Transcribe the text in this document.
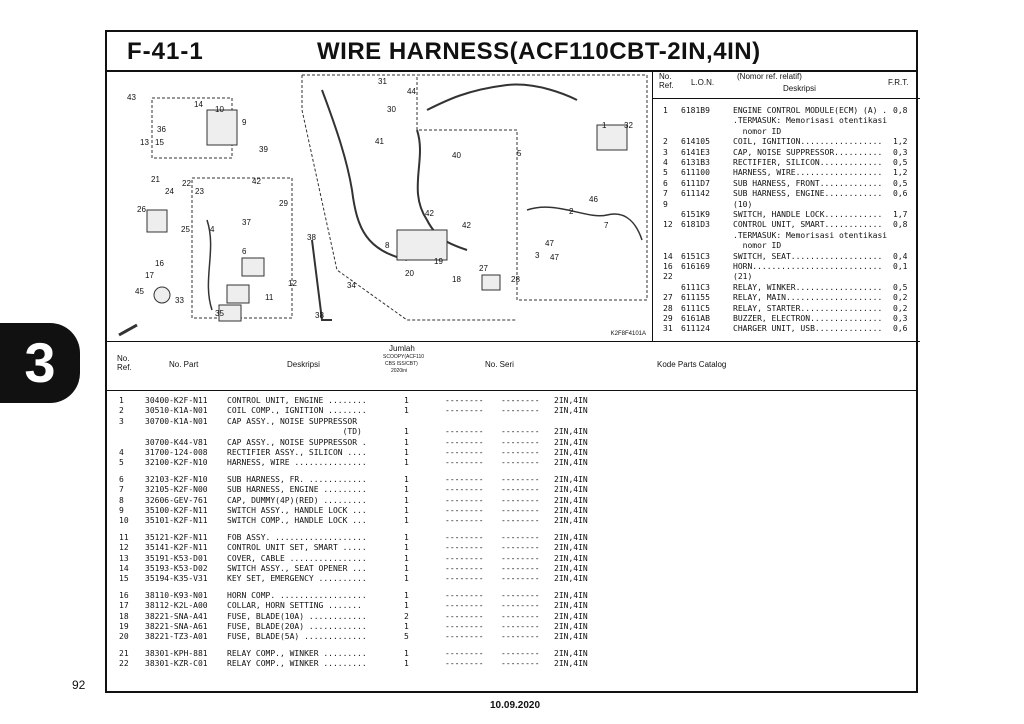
3
92
10.09.2020
F-41-1	WIRE HARNESS(ACF110CBT-2IN,4IN)
43
14
10
9
36
13 15
39
21	22
23
24
42
26
29
25	4
37
6
16
17
45
33
12
11
35
31
44
30
41
40	5
1 32
38
34
8
42
42
19
20
18
27
28
46
2
7
47
3 47
38
K2F8F4101A
No. Ref.	L.O.N.
(Nomor ref. relatif)
Deskripsi
F.R.T.
1 6181B9	ENGINE CONTROL MODULE(ECM) (A) . 0,8
.TERMASUK: Memorisasi otentikasi
nomor ID
2 614105	COIL, IGNITION................. 1,2
3 6141E3	CAP, NOISE SUPPRESSOR.......... 0,3
4 6131B3	RECTIFIER, SILICON............. 0,5
5 611100	HARNESS, WIRE.................. 1,2
6 6111D7	SUB HARNESS, FRONT............. 0,5
7 611142	SUB HARNESS, ENGINE............ 0,6
9	(10)
6151K9	SWITCH, HANDLE LOCK............ 1,7
12 6181D3	CONTROL UNIT, SMART............ 0,8
.TERMASUK: Memorisasi otentikasi
nomor ID
14 6151C3	SWITCH, SEAT................... 0,4
16 616169	HORN........................... 0,1
22	(21)
6111C3	RELAY, WINKER.................. 0,5
27 611155	RELAY, MAIN.................... 0,2
28 6111C5	RELAY, STARTER................. 0,2
29 6161AB	BUZZER, ELECTRON............... 0,3
31 611124	CHARGER UNIT, USB.............. 0,6
No. Ref.	No. Part	Deskripsi
Jumlah
SCOOPY(ACF110
CBS ISS/CBT)
2020ini
No. Seri	Kode Parts Catalog
1	30400-K2F-N11 CONTROL UNIT, ENGINE ........	1	-------- -------- 2IN,4IN
2	30510-K1A-N01 COIL COMP., IGNITION ........	1	-------- -------- 2IN,4IN
3	30700-K1A-N01 CAP ASSY., NOISE SUPPRESSOR
(TD)	1	-------- -------- 2IN,4IN
30700-K44-V81 CAP ASSY., NOISE SUPPRESSOR .	1	-------- -------- 2IN,4IN
4	31700-124-008 RECTIFIER ASSY., SILICON ....	1	-------- -------- 2IN,4IN
5	32100-K2F-N10 HARNESS, WIRE ...............	1	-------- -------- 2IN,4IN
6	32103-K2F-N10 SUB HARNESS, FR. ............	1	-------- -------- 2IN,4IN
7	32105-K2F-N00 SUB HARNESS, ENGINE .........	1	-------- -------- 2IN,4IN
8	32606-GEV-761 CAP, DUMMY(4P)(RED) .........	1	-------- -------- 2IN,4IN
9	35100-K2F-N11 SWITCH ASSY., HANDLE LOCK ...	1	-------- -------- 2IN,4IN
10 35101-K2F-N11 SWITCH COMP., HANDLE LOCK ...	1	-------- -------- 2IN,4IN
11 35121-K2F-N11 FOB ASSY. ...................	1	-------- -------- 2IN,4IN
12 35141-K2F-N11 CONTROL UNIT SET, SMART .....	1	-------- -------- 2IN,4IN
13 35191-K53-D01 COVER, CABLE ................	1	-------- -------- 2IN,4IN
14 35193-K53-D02 SWITCH ASSY., SEAT OPENER ...	1	-------- -------- 2IN,4IN
15 35194-K35-V31 KEY SET, EMERGENCY ..........	1	-------- -------- 2IN,4IN
16 38110-K93-N01 HORN COMP. ..................	1	-------- -------- 2IN,4IN
17 38112-K2L-A00 COLLAR, HORN SETTING .......	1	-------- -------- 2IN,4IN
18 38221-SNA-A41 FUSE, BLADE(10A) ............	2	-------- -------- 2IN,4IN
19 38221-SNA-A61 FUSE, BLADE(20A) ............	1	-------- -------- 2IN,4IN
20 38221-TZ3-A01 FUSE, BLADE(5A) .............	5	-------- -------- 2IN,4IN
21 38301-KPH-881 RELAY COMP., WINKER .........	1	-------- -------- 2IN,4IN
22 38301-KZR-C01 RELAY COMP., WINKER .........	1	-------- -------- 2IN,4IN
